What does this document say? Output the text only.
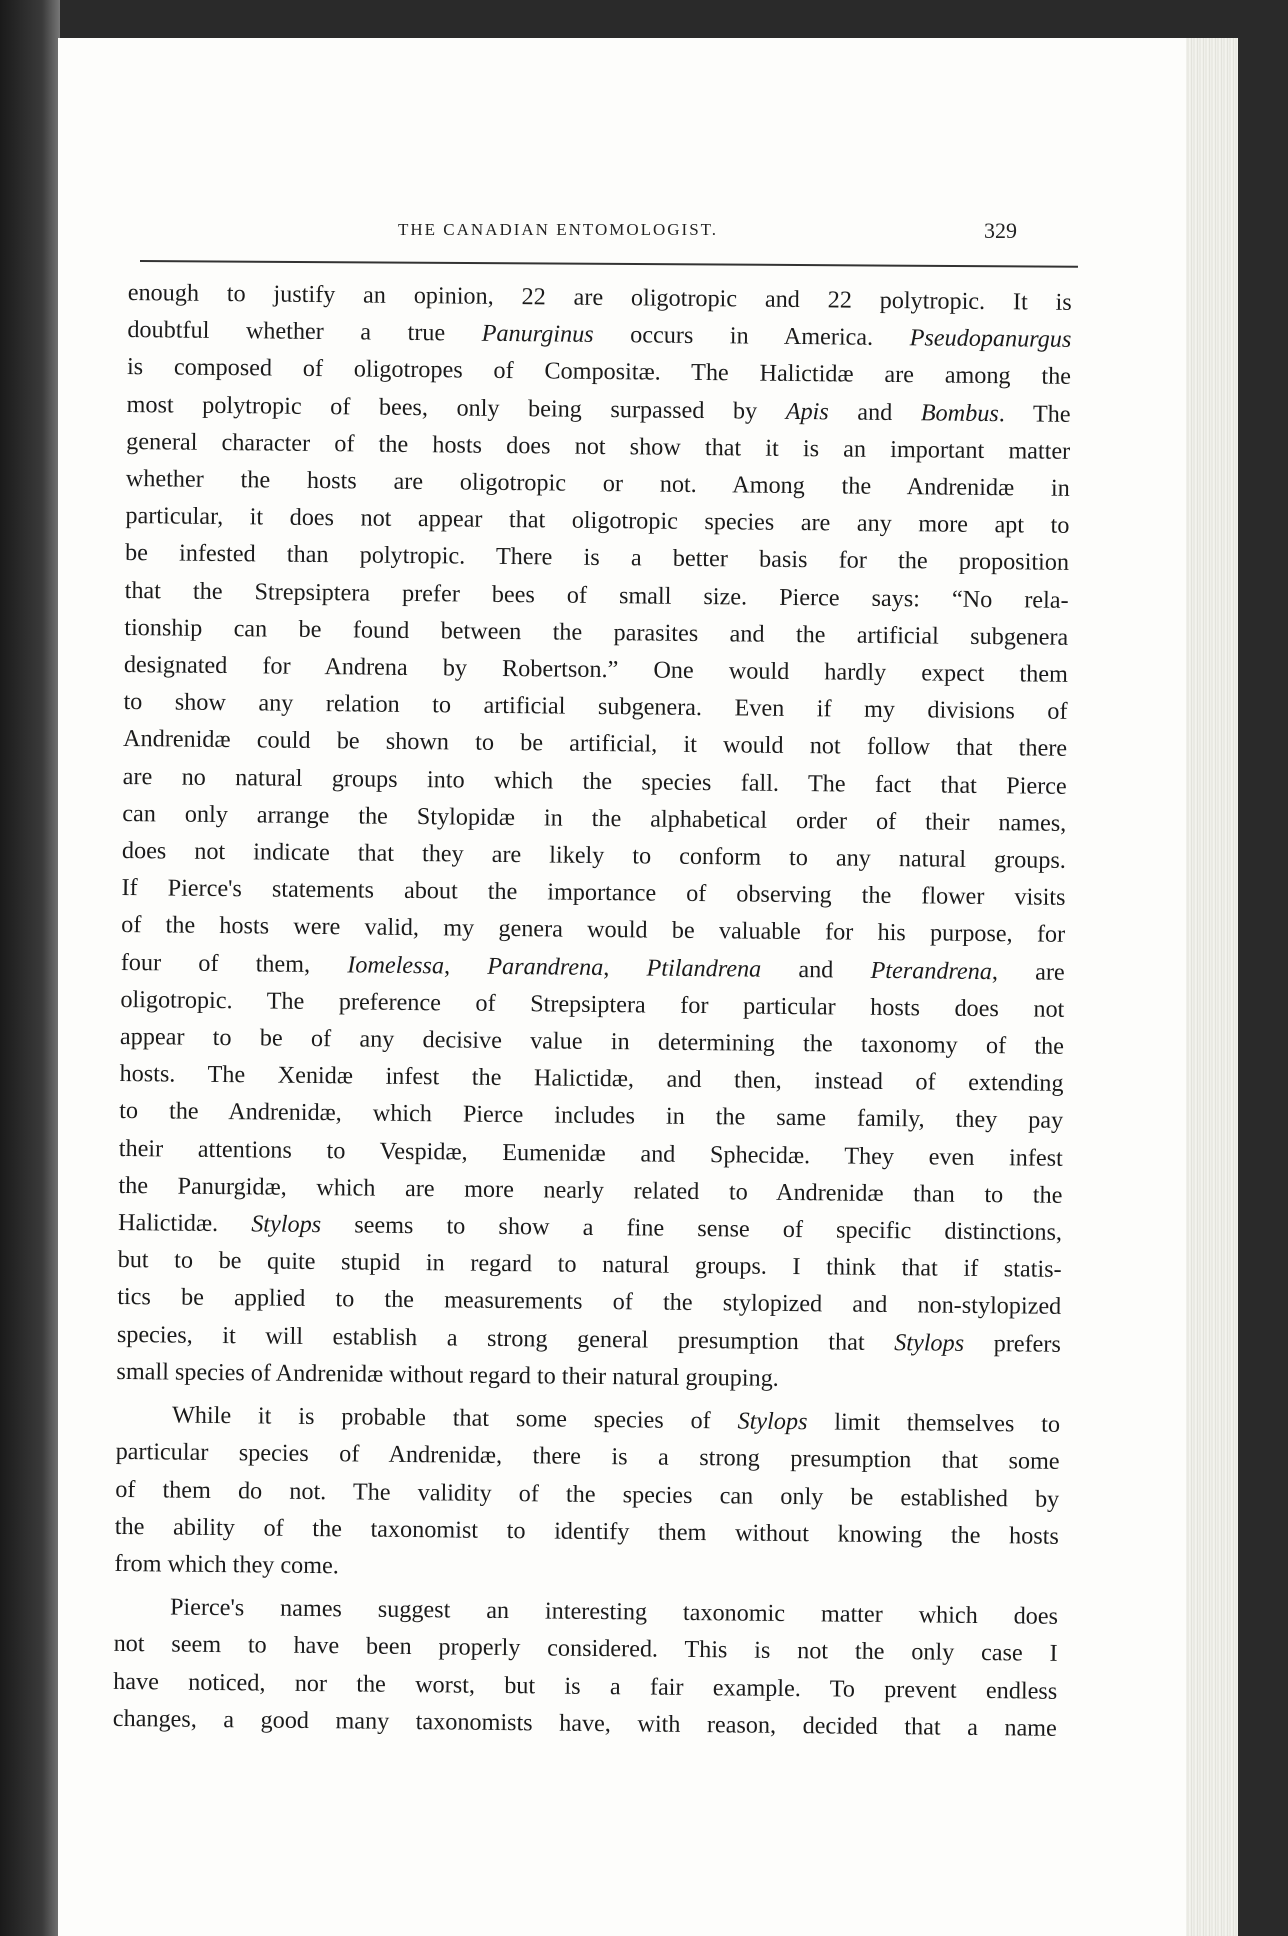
THE CANADIAN ENTOMOLOGIST.	329

enough to justify an opinion, 22 are oligotropic and 22 polytropic. It is
doubtful whether a true Panurginus occurs in America. Pseudopanurgus
is composed of oligotropes of Compositæ. The Halictidæ are among the
most polytropic of bees, only being surpassed by Apis and Bombus. The
general character of the hosts does not show that it is an important matter
whether the hosts are oligotropic or not. Among the Andrenidæ in
particular, it does not appear that oligotropic species are any more apt to
be infested than polytropic. There is a better basis for the proposition
that the Strepsiptera prefer bees of small size. Pierce says: “No rela-
tionship can be found between the parasites and the artificial subgenera
designated for Andrena by Robertson.” One would hardly expect them
to show any relation to artificial subgenera. Even if my divisions of
Andrenidæ could be shown to be artificial, it would not follow that there
are no natural groups into which the species fall. The fact that Pierce
can only arrange the Stylopidæ in the alphabetical order of their names,
does not indicate that they are likely to conform to any natural groups.
If Pierce's statements about the importance of observing the flower visits
of the hosts were valid, my genera would be valuable for his purpose, for
four of them, Iomelessa, Parandrena, Ptilandrena and Pterandrena, are
oligotropic. The preference of Strepsiptera for particular hosts does not
appear to be of any decisive value in determining the taxonomy of the
hosts. The Xenidæ infest the Halictidæ, and then, instead of extending
to the Andrenidæ, which Pierce includes in the same family, they pay
their attentions to Vespidæ, Eumenidæ and Sphecidæ. They even infest
the Panurgidæ, which are more nearly related to Andrenidæ than to the
Halictidæ. Stylops seems to show a fine sense of specific distinctions,
but to be quite stupid in regard to natural groups. I think that if statis-
tics be applied to the measurements of the stylopized and non-stylopized
species, it will establish a strong general presumption that Stylops prefers
small species of Andrenidæ without regard to their natural grouping.

While it is probable that some species of Stylops limit themselves to
particular species of Andrenidæ, there is a strong presumption that some
of them do not. The validity of the species can only be established by
the ability of the taxonomist to identify them without knowing the hosts
from which they come.

Pierce's names suggest an interesting taxonomic matter which does
not seem to have been properly considered. This is not the only case I
have noticed, nor the worst, but is a fair example. To prevent endless
changes, a good many taxonomists have, with reason, decided that a name
